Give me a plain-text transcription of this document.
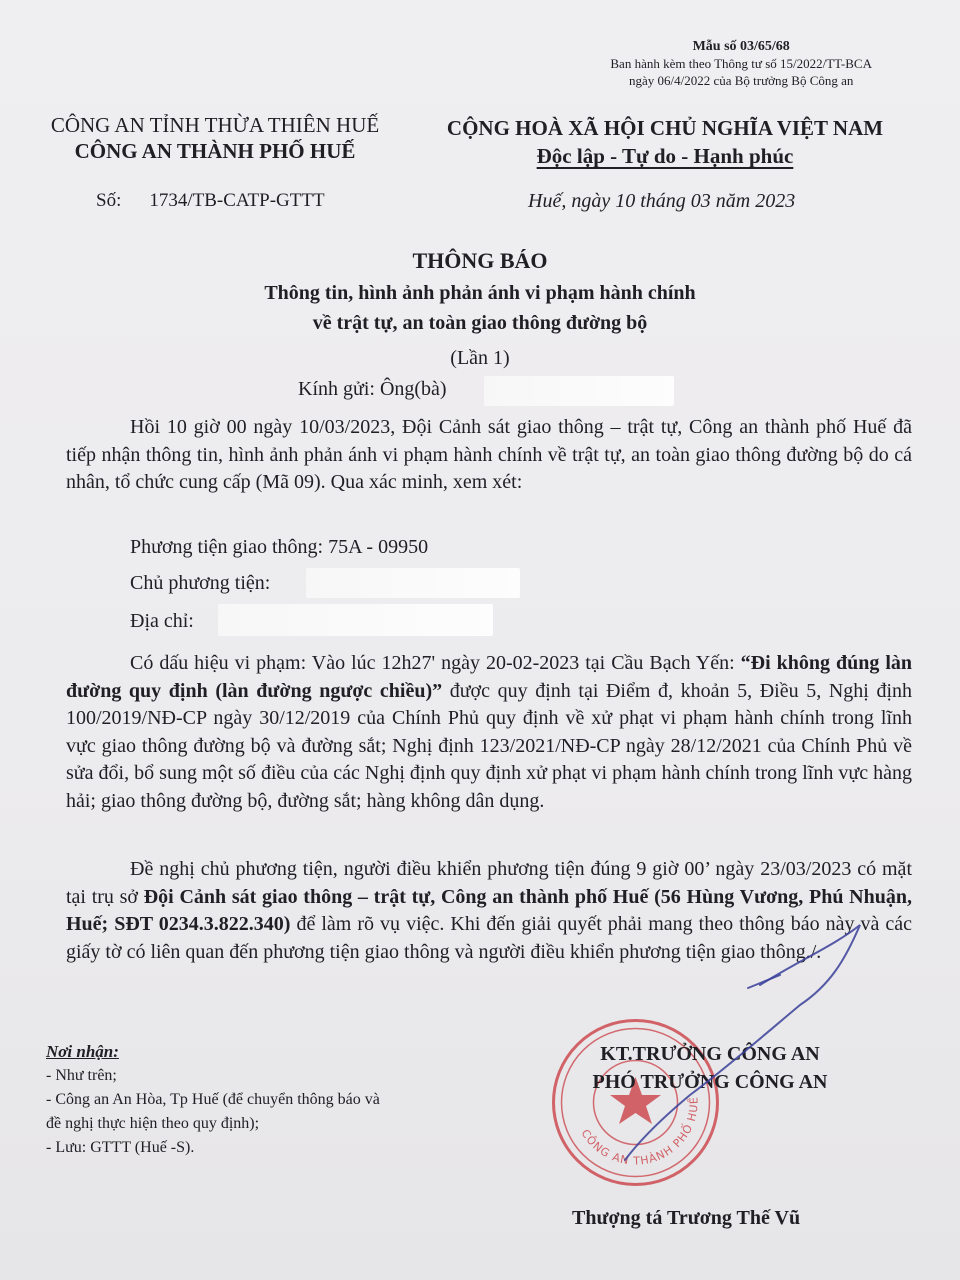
Mẫu số 03/65/68
Ban hành kèm theo Thông tư số 15/2022/TT-BCA
ngày 06/4/2022 của Bộ trưởng Bộ Công an
CÔNG AN TỈNH THỪA THIÊN HUẾ
CÔNG AN THÀNH PHỐ HUẾ
CỘNG HOÀ XÃ HỘI CHỦ NGHĨA VIỆT NAM
Độc lập - Tự do - Hạnh phúc
Số: 1734/TB-CATP-GTTT	Huế, ngày 10 tháng 03 năm 2023
THÔNG BÁO
Thông tin, hình ảnh phản ánh vi phạm hành chính
về trật tự, an toàn giao thông đường bộ
(Lần 1)
Kính gửi: Ông(bà)

Hồi 10 giờ 00 ngày 10/03/2023, Đội Cảnh sát giao thông – trật tự, Công an thành phố Huế đã tiếp nhận thông tin, hình ảnh phản ánh vi phạm hành chính về trật tự, an toàn giao thông đường bộ do cá nhân, tổ chức cung cấp (Mã 09). Qua xác minh, xem xét:

Phương tiện giao thông: 75A - 09950
Chủ phương tiện:
Địa chỉ:

Có dấu hiệu vi phạm: Vào lúc 12h27' ngày 20-02-2023 tại Cầu Bạch Yến: “Đi không đúng làn đường quy định (làn đường ngược chiều)” được quy định tại Điểm đ, khoản 5, Điều 5, Nghị định 100/2019/NĐ-CP ngày 30/12/2019 của Chính Phủ quy định về xử phạt vi phạm hành chính trong lĩnh vực giao thông đường bộ và đường sắt; Nghị định 123/2021/NĐ-CP ngày 28/12/2021 của Chính Phủ về sửa đổi, bổ sung một số điều của các Nghị định quy định xử phạt vi phạm hành chính trong lĩnh vực hàng hải; giao thông đường bộ, đường sắt; hàng không dân dụng.

Đề nghị chủ phương tiện, người điều khiển phương tiện đúng 9 giờ 00’ ngày 23/03/2023 có mặt tại trụ sở Đội Cảnh sát giao thông – trật tự, Công an thành phố Huế (56 Hùng Vương, Phú Nhuận, Huế; SĐT 0234.3.822.340) để làm rõ vụ việc. Khi đến giải quyết phải mang theo thông báo này và các giấy tờ có liên quan đến phương tiện giao thông và người điều khiển phương tiện giao thông./.

Nơi nhận:
- Như trên;
- Công an An Hòa, Tp Huế (để chuyển thông báo và
đề nghị thực hiện theo quy định);
- Lưu: GTTT (Huế -S).
CÔNG AN THÀNH PHỐ HUẾ
KT.TRƯỞNG CÔNG AN
PHÓ TRƯỞNG CÔNG AN
Thượng tá Trương Thế Vũ
